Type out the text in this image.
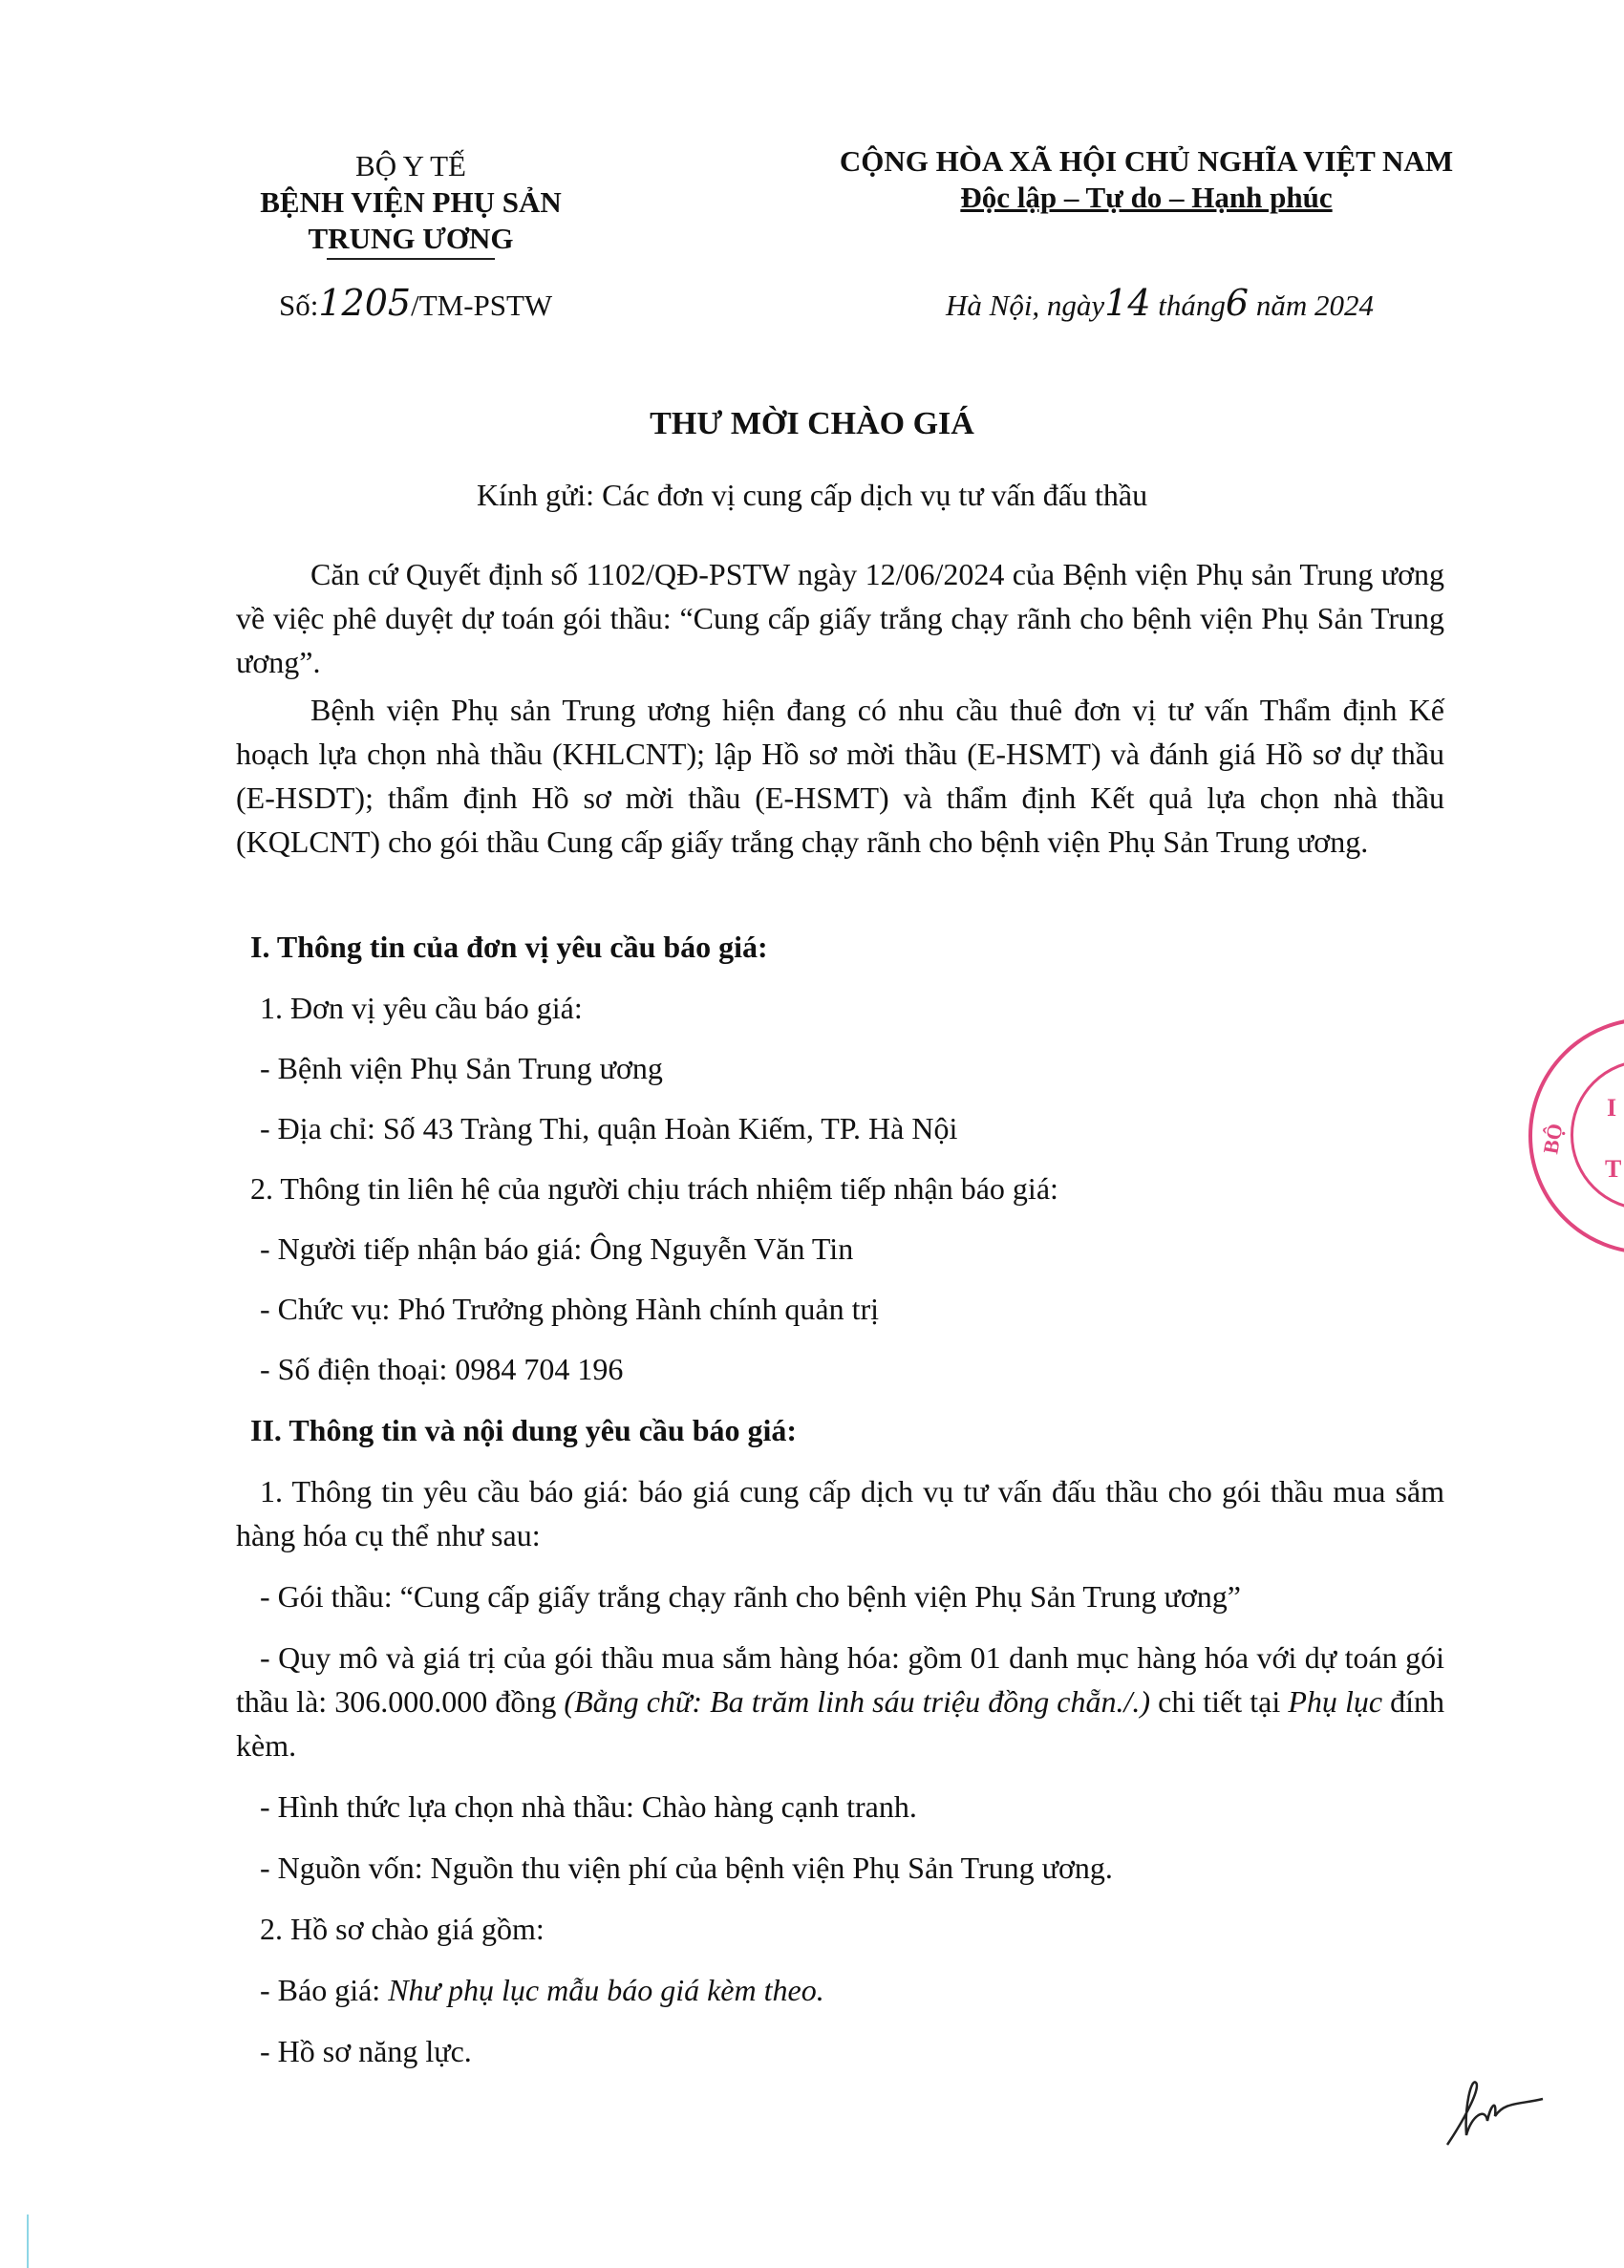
BỘ Y TẾ
BỆNH VIỆN PHỤ SẢN
TRUNG ƯƠNG
Số:1205/TM-PSTW
CỘNG HÒA XÃ HỘI CHỦ NGHĨA VIỆT NAM
Độc lập – Tự do – Hạnh phúc
Hà Nội, ngày14 tháng6 năm 2024
THƯ MỜI CHÀO GIÁ
Kính gửi: Các đơn vị cung cấp dịch vụ tư vấn đấu thầu
Căn cứ Quyết định số 1102/QĐ-PSTW ngày 12/06/2024 của Bệnh viện Phụ sản Trung ương về việc phê duyệt dự toán gói thầu: “Cung cấp giấy trắng chạy rãnh cho bệnh viện Phụ Sản Trung ương”.
Bệnh viện Phụ sản Trung ương hiện đang có nhu cầu thuê đơn vị tư vấn Thẩm định Kế hoạch lựa chọn nhà thầu (KHLCNT); lập Hồ sơ mời thầu (E-HSMT) và đánh giá Hồ sơ dự thầu (E-HSDT); thẩm định Hồ sơ mời thầu (E-HSMT) và thẩm định Kết quả lựa chọn nhà thầu (KQLCNT) cho gói thầu Cung cấp giấy trắng chạy rãnh cho bệnh viện Phụ Sản Trung ương.
I. Thông tin của đơn vị yêu cầu báo giá:
1. Đơn vị yêu cầu báo giá:
- Bệnh viện Phụ Sản Trung ương
- Địa chỉ: Số 43 Tràng Thi, quận Hoàn Kiếm, TP. Hà Nội
2. Thông tin liên hệ của người chịu trách nhiệm tiếp nhận báo giá:
- Người tiếp nhận báo giá: Ông Nguyễn Văn Tin
- Chức vụ: Phó Trưởng phòng Hành chính quản trị
- Số điện thoại: 0984 704 196
II. Thông tin và nội dung yêu cầu báo giá:
1. Thông tin yêu cầu báo giá: báo giá cung cấp dịch vụ tư vấn đấu thầu cho gói thầu mua sắm hàng hóa cụ thể như sau:
- Gói thầu: “Cung cấp giấy trắng chạy rãnh cho bệnh viện Phụ Sản Trung ương”
- Quy mô và giá trị của gói thầu mua sắm hàng hóa: gồm 01 danh mục hàng hóa với dự toán gói thầu là: 306.000.000 đồng (Bằng chữ: Ba trăm linh sáu triệu đồng chẵn./.) chi tiết tại Phụ lục đính kèm.
- Hình thức lựa chọn nhà thầu: Chào hàng cạnh tranh.
- Nguồn vốn: Nguồn thu viện phí của bệnh viện Phụ Sản Trung ương.
2. Hồ sơ chào giá gồm:
- Báo giá: Như phụ lục mẫu báo giá kèm theo.
- Hồ sơ năng lực.
BỘ
I
T
